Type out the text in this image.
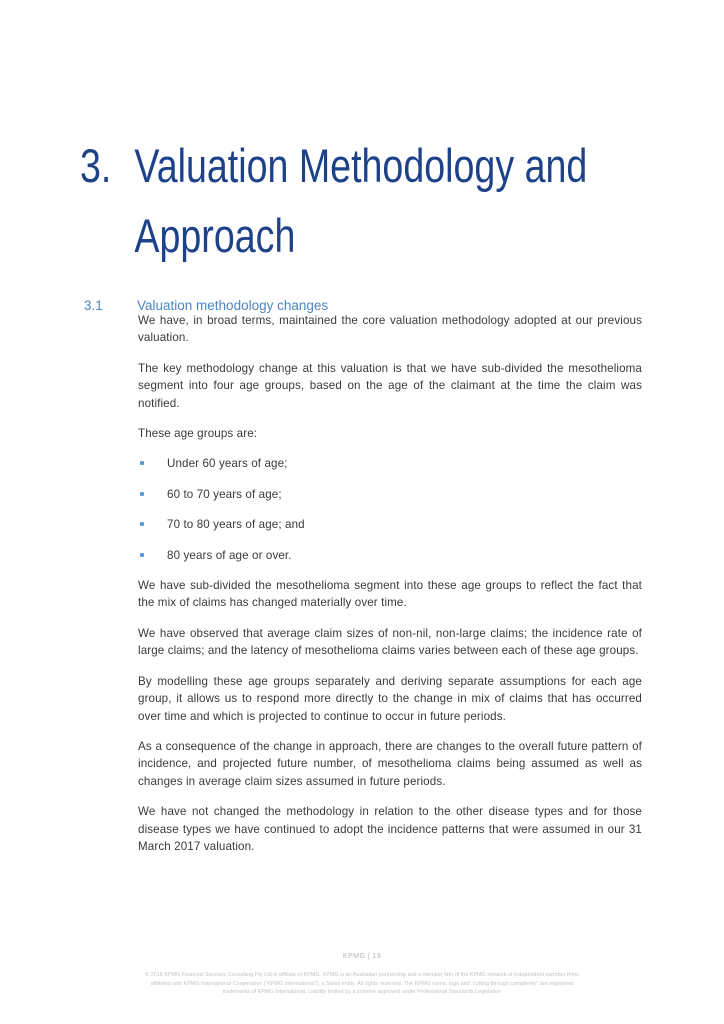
3. Valuation Methodology and
Approach
3.1	Valuation methodology changes

We have, in broad terms, maintained the core valuation methodology adopted at our previous valuation.

The key methodology change at this valuation is that we have sub-divided the mesothelioma segment into four age groups, based on the age of the claimant at the time the claim was notified.

These age groups are:

Under 60 years of age;
60 to 70 years of age;
70 to 80 years of age; and
80 years of age or over.

We have sub-divided the mesothelioma segment into these age groups to reflect the fact that the mix of claims has changed materially over time.

We have observed that average claim sizes of non-nil, non-large claims; the incidence rate of large claims; and the latency of mesothelioma claims varies between each of these age groups.

By modelling these age groups separately and deriving separate assumptions for each age group, it allows us to respond more directly to the change in mix of claims that has occurred over time and which is projected to continue to occur in future periods.

As a consequence of the change in approach, there are changes to the overall future pattern of incidence, and projected future number, of mesothelioma claims being assumed as well as changes in average claim sizes assumed in future periods.

We have not changed the methodology in relation to the other disease types and for those disease types we have continued to adopt the incidence patterns that were assumed in our 31 March 2017 valuation.

KPMG | 13
© 2018 KPMG Financial Services Consulting Pty Ltd is affiliate of KPMG. KPMG is an Australian partnership and a member firm of the KPMG network of independent member firms
affiliated with KPMG International Cooperative (“KPMG International”), a Swiss entity. All rights reserved. The KPMG name, logo and “cutting through complexity” are registered
trademarks of KPMG International. Liability limited by a scheme approved under Professional Standards Legislation
